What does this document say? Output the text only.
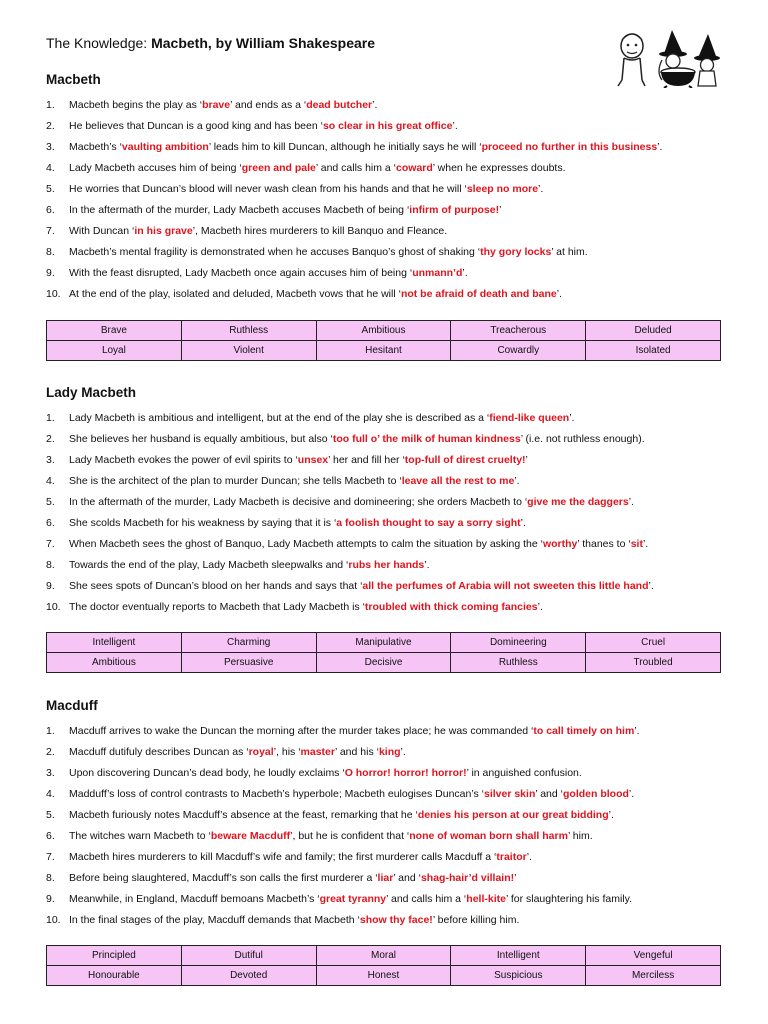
The Knowledge: Macbeth, by William Shakespeare
Macbeth
1. Macbeth begins the play as ‘brave’ and ends as a ‘dead butcher’.
2. He believes that Duncan is a good king and has been ‘so clear in his great office’.
3. Macbeth’s ‘vaulting ambition’ leads him to kill Duncan, although he initially says he will ‘proceed no further in this business’.
4. Lady Macbeth accuses him of being ‘green and pale’ and calls him a ‘coward’ when he expresses doubts.
5. He worries that Duncan’s blood will never wash clean from his hands and that he will ‘sleep no more’.
6. In the aftermath of the murder, Lady Macbeth accuses Macbeth of being ‘infirm of purpose!’
7. With Duncan ‘in his grave’, Macbeth hires murderers to kill Banquo and Fleance.
8. Macbeth’s mental fragility is demonstrated when he accuses Banquo’s ghost of shaking ‘thy gory locks’ at him.
9. With the feast disrupted, Lady Macbeth once again accuses him of being ‘unmann’d’.
10. At the end of the play, isolated and deluded, Macbeth vows that he will ‘not be afraid of death and bane’.
Brave	Ruthless	Ambitious	Treacherous	Deluded
Loyal	Violent	Hesitant	Cowardly	Isolated
Lady Macbeth
1. Lady Macbeth is ambitious and intelligent, but at the end of the play she is described as a ‘fiend-like queen’.
2. She believes her husband is equally ambitious, but also ‘too full o’ the milk of human kindness’ (i.e. not ruthless enough).
3. Lady Macbeth evokes the power of evil spirits to ‘unsex’ her and fill her ‘top-full of direst cruelty!’
4. She is the architect of the plan to murder Duncan; she tells Macbeth to ‘leave all the rest to me’.
5. In the aftermath of the murder, Lady Macbeth is decisive and domineering; she orders Macbeth to ‘give me the daggers’.
6. She scolds Macbeth for his weakness by saying that it is ‘a foolish thought to say a sorry sight’.
7. When Macbeth sees the ghost of Banquo, Lady Macbeth attempts to calm the situation by asking the ‘worthy’ thanes to ‘sit’.
8. Towards the end of the play, Lady Macbeth sleepwalks and ‘rubs her hands’.
9. She sees spots of Duncan’s blood on her hands and says that ‘all the perfumes of Arabia will not sweeten this little hand’.
10. The doctor eventually reports to Macbeth that Lady Macbeth is ‘troubled with thick coming fancies’.
Intelligent	Charming	Manipulative	Domineering	Cruel
Ambitious	Persuasive	Decisive	Ruthless	Troubled
Macduff
1. Macduff arrives to wake the Duncan the morning after the murder takes place; he was commanded ‘to call timely on him’.
2. Macduff dutifuly describes Duncan as ‘royal’, his ‘master’ and his ‘king’.
3. Upon discovering Duncan’s dead body, he loudly exclaims ‘O horror! horror! horror!’ in anguished confusion.
4. Madduff’s loss of control contrasts to Macbeth’s hyperbole; Macbeth eulogises Duncan’s ‘silver skin’ and ‘golden blood’.
5. Macbeth furiously notes Macduff’s absence at the feast, remarking that he ‘denies his person at our great bidding’.
6. The witches warn Macbeth to ‘beware Macduff’, but he is confident that ‘none of woman born shall harm’ him.
7. Macbeth hires murderers to kill Macduff’s wife and family; the first murderer calls Macduff a ‘traitor’.
8. Before being slaughtered, Macduff’s son calls the first murderer a ‘liar’ and ‘shag-hair’d villain!’
9. Meanwhile, in England, Macduff bemoans Macbeth’s ‘great tyranny’ and calls him a ‘hell-kite’ for slaughtering his family.
10. In the final stages of the play, Macduff demands that Macbeth ‘show thy face!’ before killing him.
Principled	Dutiful	Moral	Intelligent	Vengeful
Honourable	Devoted	Honest	Suspicious	Merciless
